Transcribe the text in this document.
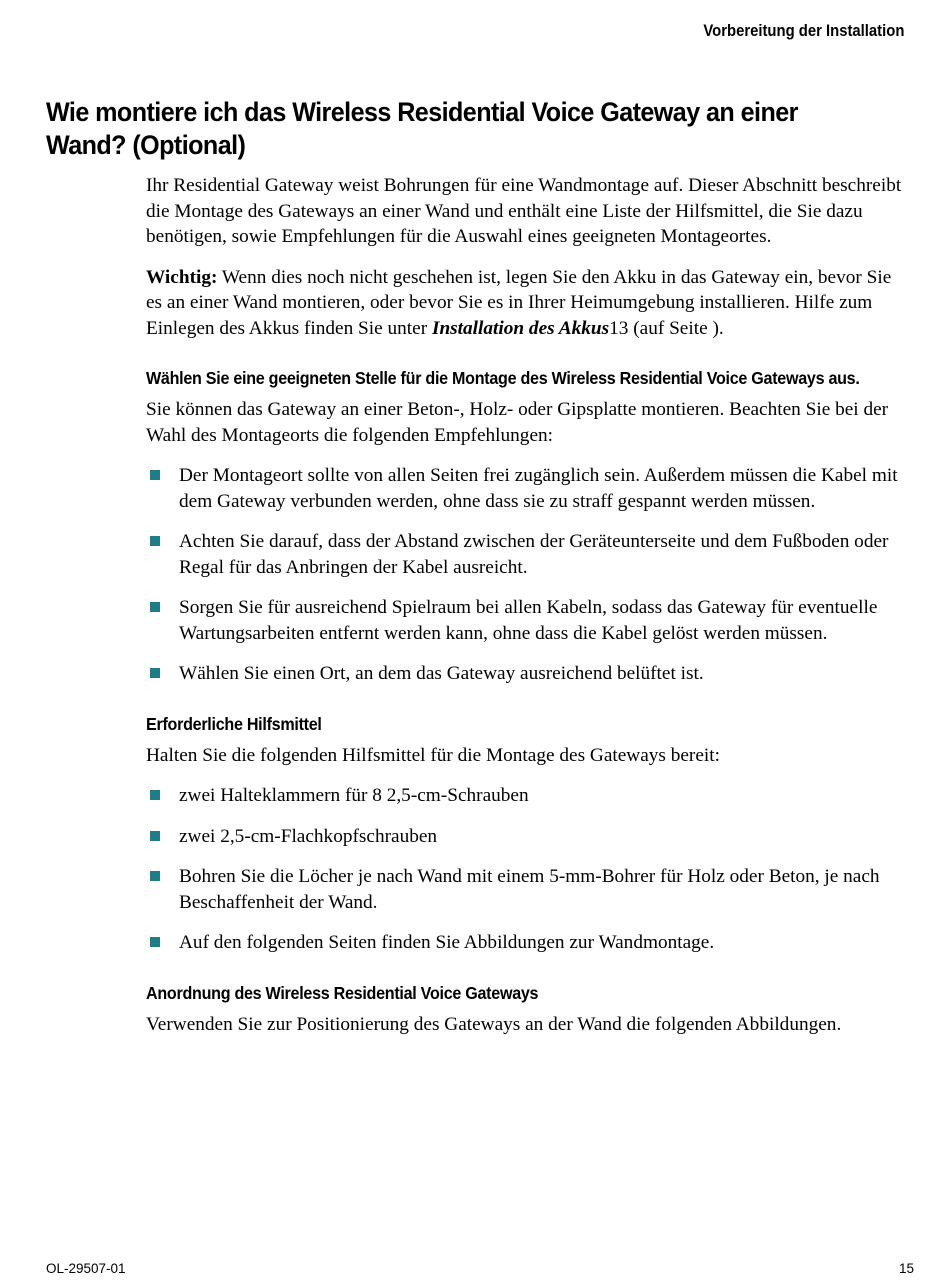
Vorbereitung der Installation
Wie montiere ich das Wireless Residential Voice Gateway an einer Wand? (Optional)

Ihr Residential Gateway weist Bohrungen für eine Wandmontage auf. Dieser Abschnitt beschreibt die Montage des Gateways an einer Wand und enthält eine Liste der Hilfsmittel, die Sie dazu benötigen, sowie Empfehlungen für die Auswahl eines geeigneten Montageortes.

Wichtig: Wenn dies noch nicht geschehen ist, legen Sie den Akku in das Gateway ein, bevor Sie es an einer Wand montieren, oder bevor Sie es in Ihrer Heimumgebung installieren. Hilfe zum Einlegen des Akkus finden Sie unter Installation des Akkus13 (auf Seite ).

Wählen Sie eine geeigneten Stelle für die Montage des Wireless Residential Voice Gateways aus.

Sie können das Gateway an einer Beton-, Holz- oder Gipsplatte montieren. Beachten Sie bei der Wahl des Montageorts die folgenden Empfehlungen:

Der Montageort sollte von allen Seiten frei zugänglich sein. Außerdem müssen die Kabel mit dem Gateway verbunden werden, ohne dass sie zu straff gespannt werden müssen.
Achten Sie darauf, dass der Abstand zwischen der Geräteunterseite und dem Fußboden oder Regal für das Anbringen der Kabel ausreicht.
Sorgen Sie für ausreichend Spielraum bei allen Kabeln, sodass das Gateway für eventuelle Wartungsarbeiten entfernt werden kann, ohne dass die Kabel gelöst werden müssen.
Wählen Sie einen Ort, an dem das Gateway ausreichend belüftet ist.
Erforderliche Hilfsmittel

Halten Sie die folgenden Hilfsmittel für die Montage des Gateways bereit:

zwei Halteklammern für 8 2,5-cm-Schrauben
zwei 2,5-cm-Flachkopfschrauben
Bohren Sie die Löcher je nach Wand mit einem 5-mm-Bohrer für Holz oder Beton, je nach Beschaffenheit der Wand.
Auf den folgenden Seiten finden Sie Abbildungen zur Wandmontage.
Anordnung des Wireless Residential Voice Gateways

Verwenden Sie zur Positionierung des Gateways an der Wand die folgenden Abbildungen.

OL-29507-01	15
